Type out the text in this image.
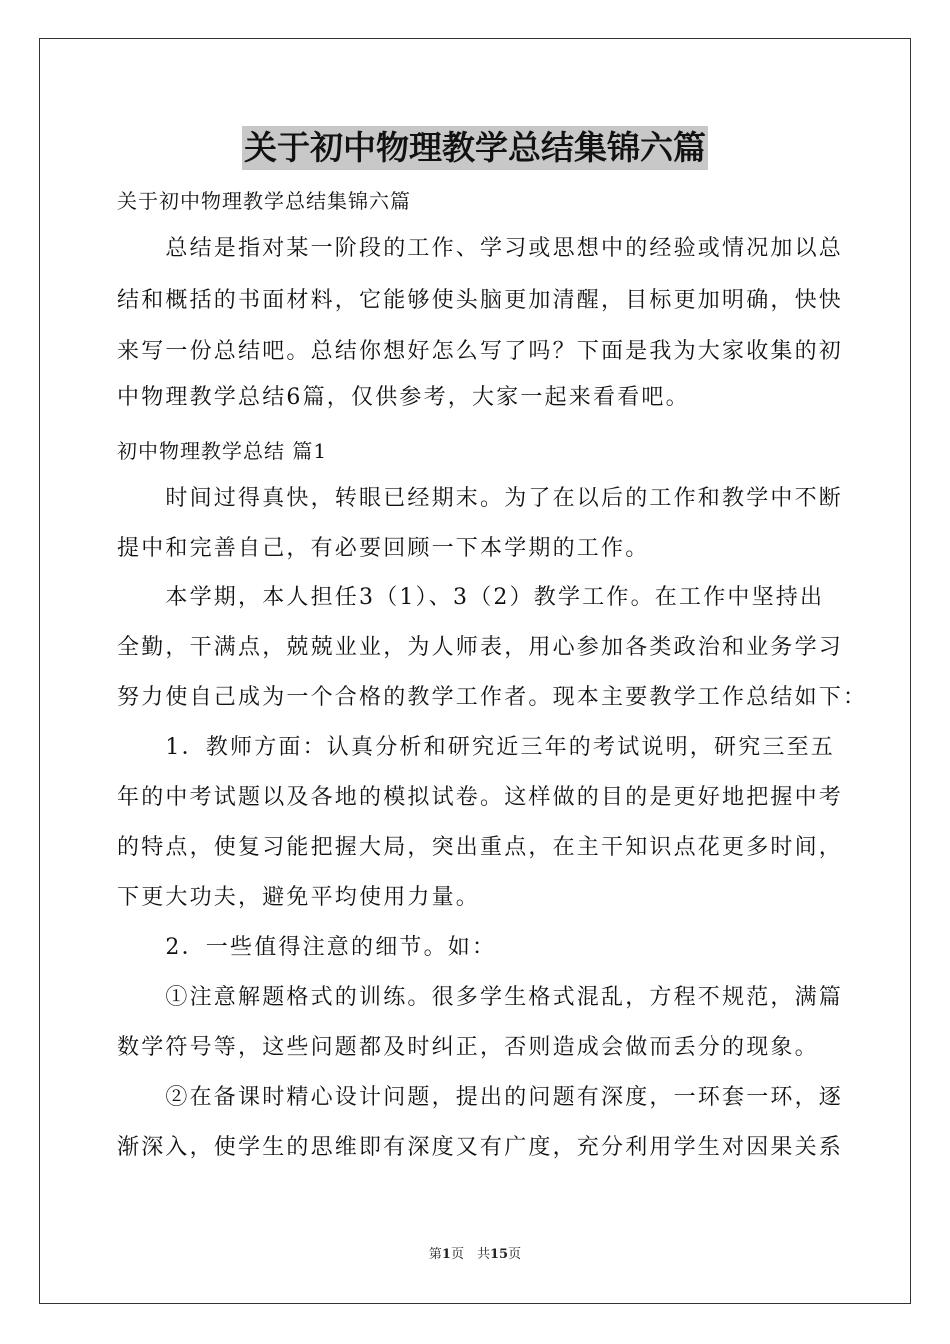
关于初中物理教学总结集锦六篇
关于初中物理教学总结集锦六篇
　　总结是指对某一阶段的工作、学习或思想中的经验或情况加以总
结和概括的书面材料，它能够使头脑更加清醒，目标更加明确，快快
来写一份总结吧。总结你想好怎么写了吗？下面是我为大家收集的初
中物理教学总结6篇，仅供参考，大家一起来看看吧。
初中物理教学总结 篇1
　　时间过得真快，转眼已经期末。为了在以后的工作和教学中不断
提中和完善自己，有必要回顾一下本学期的工作。
　　本学期，本人担任3（1）、3（2）教学工作。在工作中坚持出
全勤，干满点，兢兢业业，为人师表，用心参加各类政治和业务学习
努力使自己成为一个合格的教学工作者。现本主要教学工作总结如下：
　　1．教师方面：认真分析和研究近三年的考试说明，研究三至五
年的中考试题以及各地的模拟试卷。这样做的目的是更好地把握中考
的特点，使复习能把握大局，突出重点，在主干知识点花更多时间，
下更大功夫，避免平均使用力量。
　　2．一些值得注意的细节。如：
　　①注意解题格式的训练。很多学生格式混乱，方程不规范，满篇
数学符号等，这些问题都及时纠正，否则造成会做而丢分的现象。
　　②在备课时精心设计问题，提出的问题有深度，一环套一环，逐
渐深入，使学生的思维即有深度又有广度，充分利用学生对因果关系
第1页　共15页
